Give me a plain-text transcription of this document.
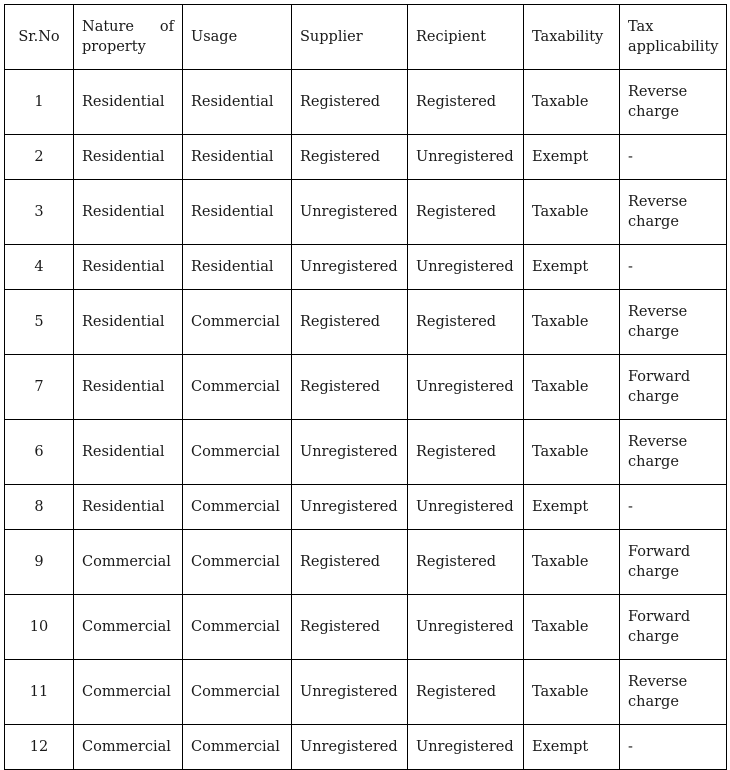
Sr.No	Nature of property	Usage	Supplier	Recipient	Taxability	Tax applicability
1	Residential	Residential	Registered	Registered	Taxable	Reverse charge
2	Residential	Residential	Registered	Unregistered	Exempt	-
3	Residential	Residential	Unregistered	Registered	Taxable	Reverse charge
4	Residential	Residential	Unregistered	Unregistered	Exempt	-
5	Residential	Commercial	Registered	Registered	Taxable	Reverse charge
7	Residential	Commercial	Registered	Unregistered	Taxable	Forward charge
6	Residential	Commercial	Unregistered	Registered	Taxable	Reverse charge
8	Residential	Commercial	Unregistered	Unregistered	Exempt	-
9	Commercial	Commercial	Registered	Registered	Taxable	Forward charge
10	Commercial	Commercial	Registered	Unregistered	Taxable	Forward charge
11	Commercial	Commercial	Unregistered	Registered	Taxable	Reverse charge
12	Commercial	Commercial	Unregistered	Unregistered	Exempt	-
